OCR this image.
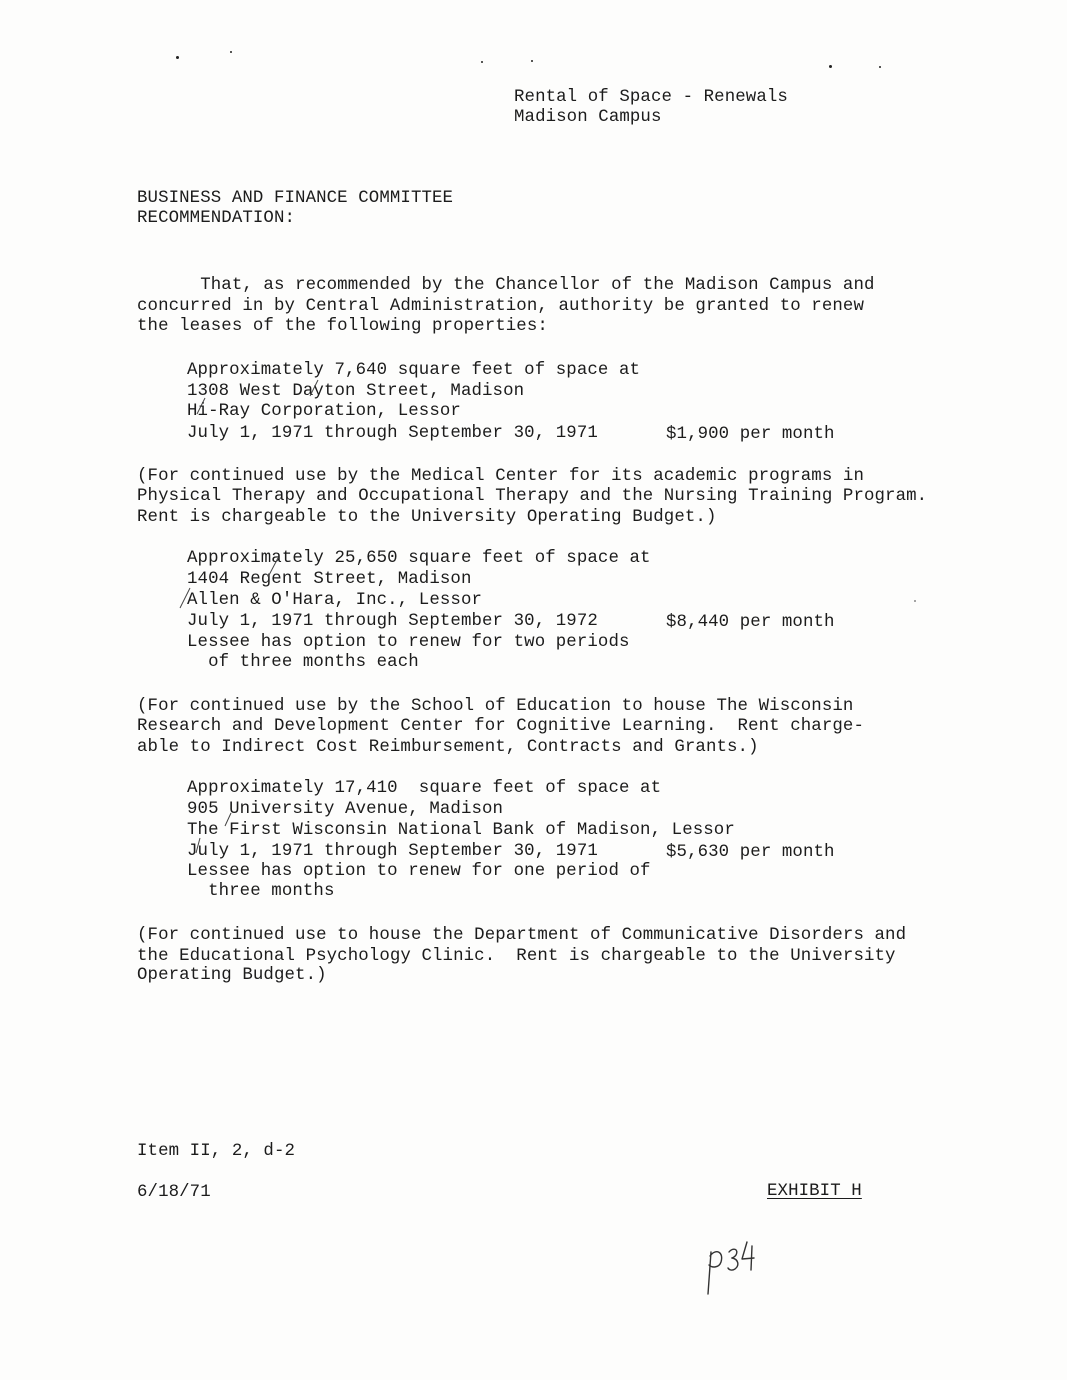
Rental of Space - Renewals
Madison Campus
BUSINESS AND FINANCE COMMITTEE
RECOMMENDATION:
That, as recommended by the Chancellor of the Madison Campus and
concurred in by Central Administration, authority be granted to renew
the leases of the following properties:
Approximately 7,640 square feet of space at
1308 West Dayton Street, Madison
Hi-Ray Corporation, Lessor
July 1, 1971 through September 30, 1971	$1,900 per month
(For continued use by the Medical Center for its academic programs in
Physical Therapy and Occupational Therapy and the Nursing Training Program.
Rent is chargeable to the University Operating Budget.)
Approximately 25,650 square feet of space at
1404 Regent Street, Madison
Allen & O'Hara, Inc., Lessor
July 1, 1971 through September 30, 1972	$8,440 per month
Lessee has option to renew for two periods
of three months each
(For continued use by the School of Education to house The Wisconsin
Research and Development Center for Cognitive Learning.  Rent charge-
able to Indirect Cost Reimbursement, Contracts and Grants.)
Approximately 17,410  square feet of space at
905 University Avenue, Madison
The First Wisconsin National Bank of Madison, Lessor
July 1, 1971 through September 30, 1971	$5,630 per month
Lessee has option to renew for one period of
three months
(For continued use to house the Department of Communicative Disorders and
the Educational Psychology Clinic.  Rent is chargeable to the University
Operating Budget.)
Item II, 2, d-2
6/18/71	EXHIBIT H
